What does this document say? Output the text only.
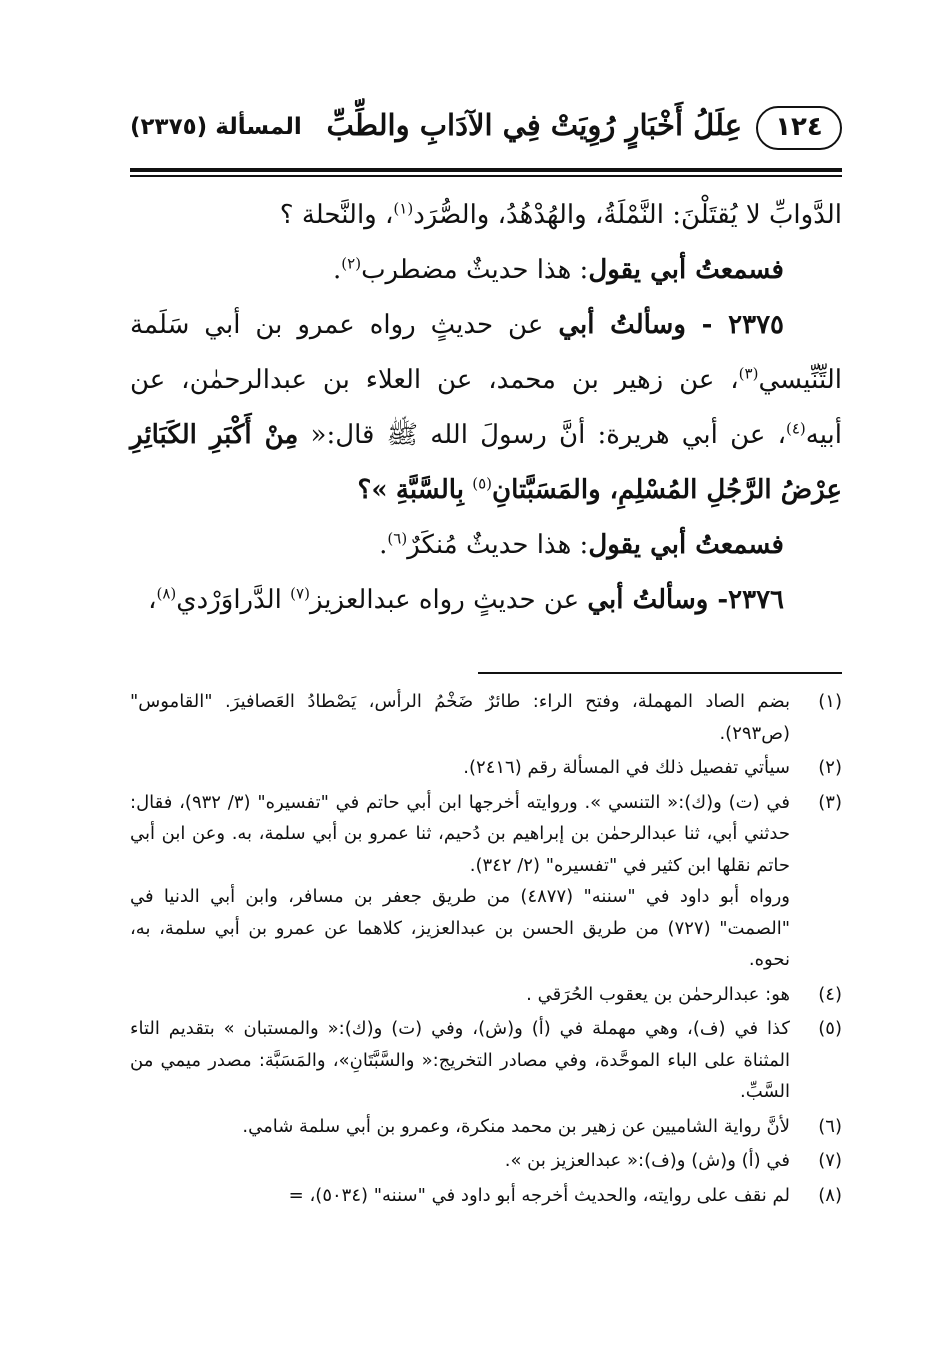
١٢٤
عِلَلُ أَخْبَارٍ رُوِيَتْ فِي الآدَابِ والطِّبِّ
المسألة (٢٣٧٥)

الدَّوابِّ لا يُقتَلْنَ: النَّمْلَةُ، والهُدْهُدُ، والصُّرَد$^{(١)}$، والنَّحلة ؟

فسمعتُ أبي يقول: هذا حديثٌ مضطرب$^{(٢)}$.

٢٣٧٥ - وسألتُ أبي عن حديثٍ رواه عمرو بن أبي سَلَمة

التِّنِّيسي$^{(٣)}$، عن زهير بن محمد، عن العلاء بن عبدالرحمٰن، عن

أبيه$^{(٤)}$، عن أبي هريرة: أنَّ رسولَ الله ﷺ قال:« مِنْ أَكْبَرِ الكَبَائِرِ

عِرْضُ الرَّجُلِ المُسْلِمِ، والمَسَبَّتانِ$^{(٥)}$ بِالسَّبَّةِ »؟

فسمعتُ أبي يقول: هذا حديثٌ مُنكَرٌ$^{(٦)}$.

٢٣٧٦- وسألتُ أبي عن حديثٍ رواه عبدالعزيز$^{(٧)}$ الدَّراوَرْدي$^{(٨)}$،

(١)
بضم الصاد المهملة، وفتح الراء: طائرٌ ضَخْمُ الرأس، يَصْطادُ العَصافيرَ. "القاموس" (ص٢٩٣).
(٢)
سيأتي تفصيل ذلك في المسألة رقم (٢٤١٦).
(٣)
في (ت) و(ك):« التنسي ». وروايته أخرجها ابن أبي حاتم في "تفسيره" (٣/ ٩٣٢)، فقال: حدثني أبي، ثنا عبدالرحمٰن بن إبراهيم بن دُحيم، ثنا عمرو بن أبي سلمة، به. وعن ابن أبي حاتم نقلها ابن كثير في "تفسيره" (٢/ ٣٤٢).
ورواه أبو داود في "سننه" (٤٨٧٧) من طريق جعفر بن مسافر، وابن أبي الدنيا في "الصمت" (٧٢٧) من طريق الحسن بن عبدالعزيز، كلاهما عن عمرو بن أبي سلمة، به، نحوه.
(٤)
هو: عبدالرحمٰن بن يعقوب الحُرَقي .
(٥)
كذا في (ف)، وهي مهملة في (أ) و(ش)، وفي (ت) و(ك):« والمستبان » بتقديم التاء المثناة على الباء الموحَّدة، وفي مصادر التخريج:« والسَّبَّتَانِ»، والمَسَبَّة: مصدر ميمي من السَّبِّ.
(٦)
لأنَّ رواية الشاميين عن زهير بن محمد منكرة، وعمرو بن أبي سلمة شامي.
(٧)
في (أ) و(ش) و(ف):« عبدالعزيز بن ».
(٨)
لم نقف على روايته، والحديث أخرجه أبو داود في "سننه" (٥٠٣٤)، =
